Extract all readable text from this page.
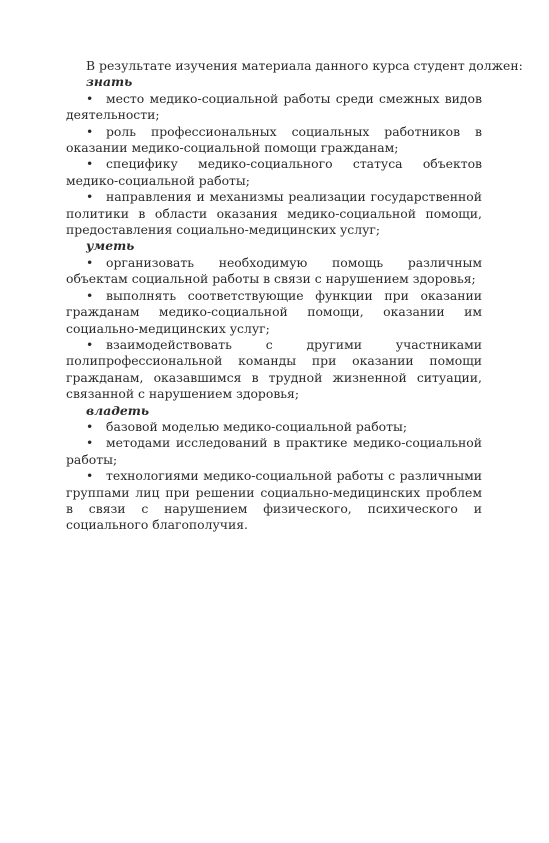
В результате изучения материала данного курса студент должен:

знать

• место медико-социальной работы среди смежных видов деятельности;

• роль профессиональных социальных работников в оказании медико-социальной помощи гражданам;

• специфику медико-социального статуса объектов медико-социальной работы;

• направления и механизмы реализации государственной политики в области оказания медико-социальной помощи, предоставления социально-медицинских услуг;

уметь

• организовать необходимую помощь различным объектам социальной работы в связи с нарушением здоровья;

• выполнять соответствующие функции при оказании гражданам медико-социальной помощи, оказании им социально-медицинских услуг;

• взаимодействовать с другими участниками полипрофессиональной команды при оказании помощи гражданам, оказавшимся в трудной жизненной ситуации, связанной с нарушением здоровья;

владеть

• базовой моделью медико-социальной работы;

• методами исследований в практике медико-социальной работы;

• технологиями медико-социальной работы с различными группами лиц при решении социально-медицинских проблем в связи с нарушением физического, психического и социального благополучия.
